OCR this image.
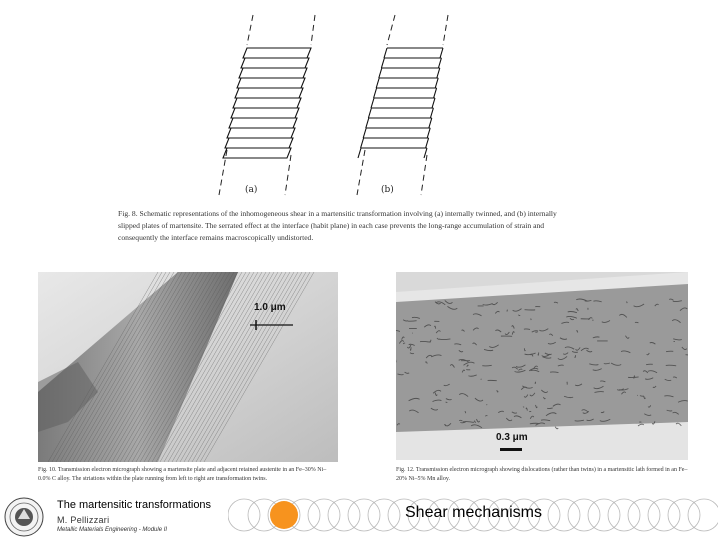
(a)	(b)
Fig. 8. Schematic representations of the inhomogeneous shear in a martensitic transformation involving (a) internally twinned, and (b) internally slipped plates of martensite. The serrated effect at the interface (habit plane) in each case prevents the long-range accumulation of strain and consequently the interface remains macroscopically undistorted.
1.0 μm
Fig. 10. Transmission electron micrograph showing a martensite plate and adjacent retained austenite in an Fe–30% Ni–0.0% C alloy. The striations within the plate running from left to right are transformation twins.
0.3 μm
Fig. 12. Transmission electron micrograph showing dislocations (rather than twins) in a martensitic lath formed in an Fe–20% Ni–5% Mn alloy.
The martensitic transformations
M. Pellizzari
Metallic Materials Engineering - Module II
Shear mechanisms
